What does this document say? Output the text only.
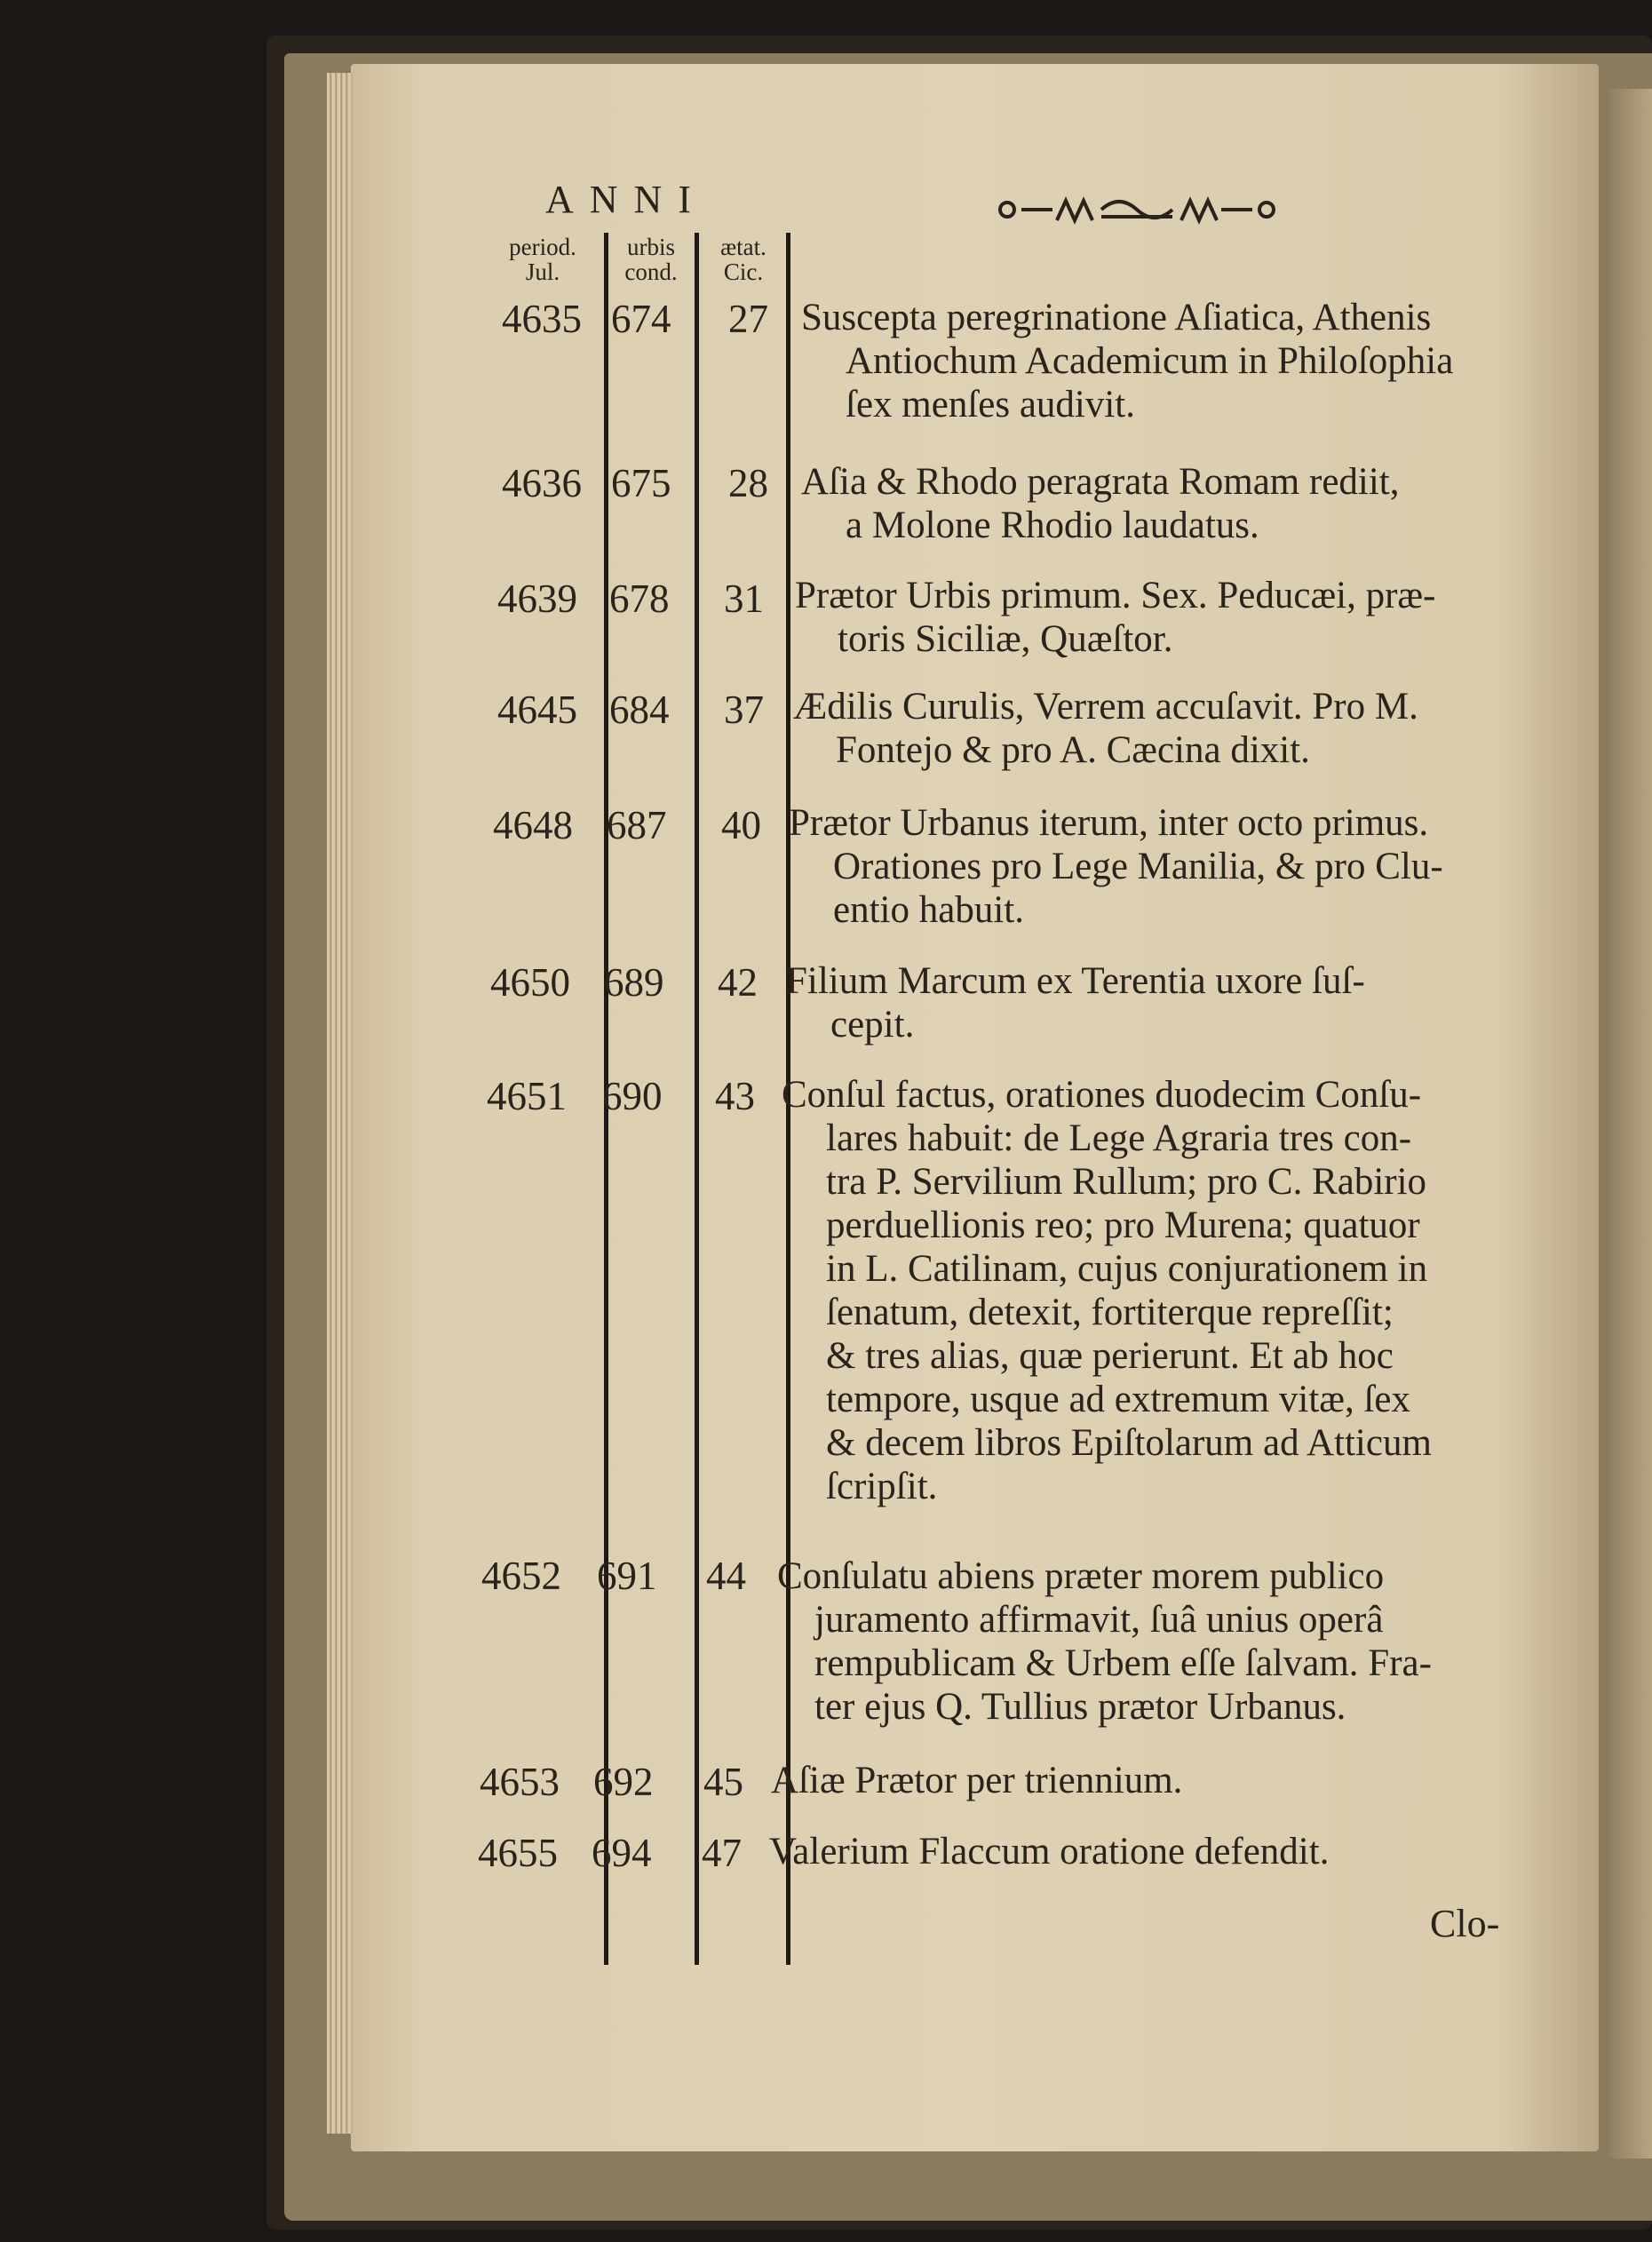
ANNI
period.
Jul.
urbis
cond.
ætat.
Cic.
4635 674 27 Suscepta peregrinatione Aſiatica, Athenis
Antiochum Academicum in Philoſophia
ſex menſes audivit.
4636 675 28 Aſia & Rhodo peragrata Romam rediit,
a Molone Rhodio laudatus.
4639 678 31 Prætor Urbis primum. Sex. Peducæi, præ-
toris Siciliæ, Quæſtor.
4645 684 37 Ædilis Curulis, Verrem accuſavit. Pro M.
Fontejo & pro A. Cæcina dixit.
4648 687 40 Prætor Urbanus iterum, inter octo primus.
Orationes pro Lege Manilia, & pro Clu-
entio habuit.
4650 689 42 Filium Marcum ex Terentia uxore ſuſ-
cepit.
4651 690 43 Conſul factus, orationes duodecim Conſu-
lares habuit: de Lege Agraria tres con-
tra P. Servilium Rullum; pro C. Rabirio
perduellionis reo; pro Murena; quatuor
in L. Catilinam, cujus conjurationem in
ſenatum, detexit, fortiterque repreſſit;
& tres alias, quæ perierunt. Et ab hoc
tempore, usque ad extremum vitæ, ſex
& decem libros Epiſtolarum ad Atticum
ſcripſit.
4652 691 44 Conſulatu abiens præter morem publico
juramento affirmavit, ſuâ unius operâ
rempublicam & Urbem eſſe ſalvam. Fra-
ter ejus Q. Tullius prætor Urbanus.
4653 692 45 Aſiæ Prætor per triennium.
4655 694 47 Valerium Flaccum oratione defendit.
Clo-
